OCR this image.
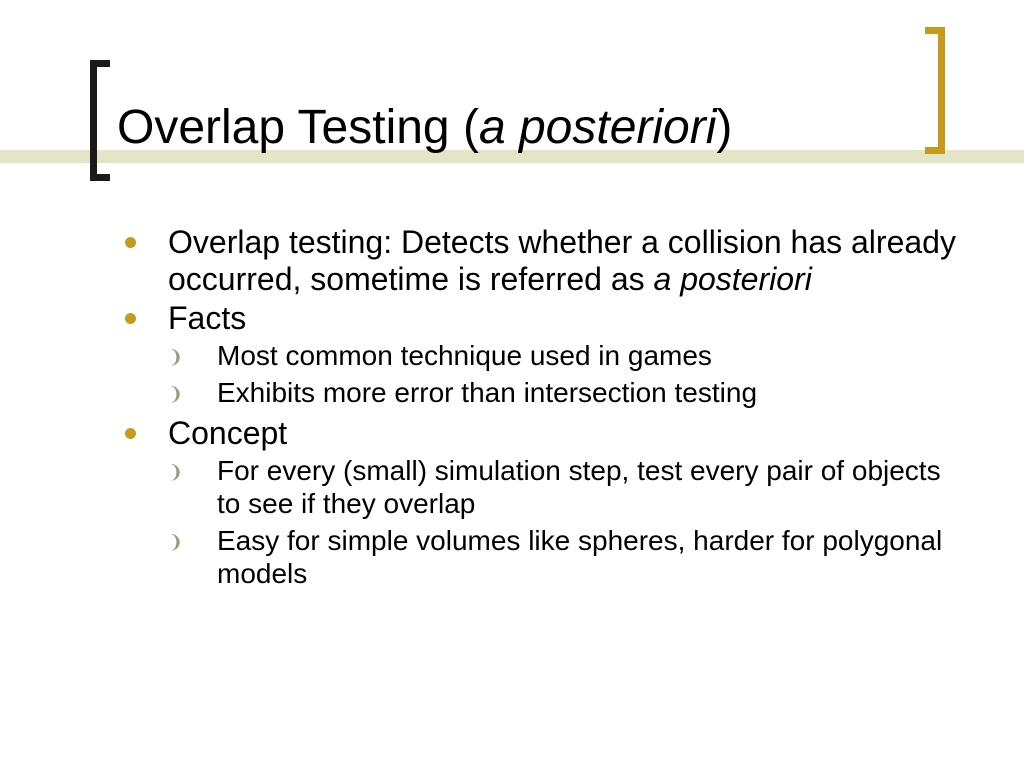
Overlap Testing (a posteriori)
Overlap testing: Detects whether a collision has already occurred, sometime is referred as a posteriori
Facts
❩ Most common technique used in games
❩ Exhibits more error than intersection testing
Concept
❩ For every (small) simulation step, test every pair of objects to see if they overlap
❩ Easy for simple volumes like spheres, harder for polygonal models
